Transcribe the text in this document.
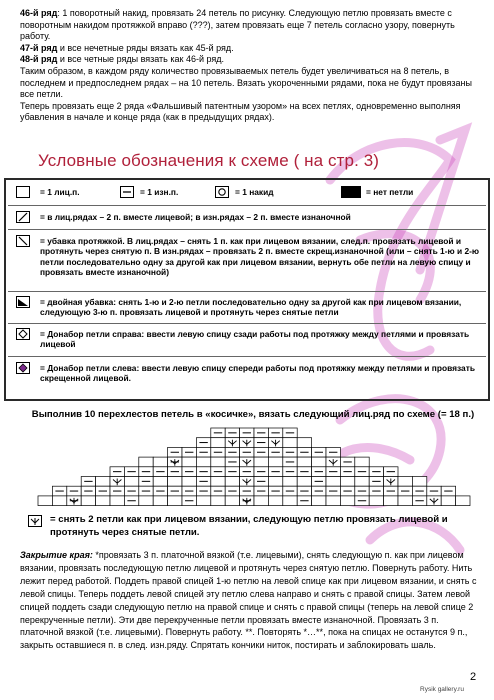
46-й ряд: 1 поворотный накид, провязать 24 петель по рисунку. Следующую петлю провязать вместе с поворотным накидом протяжкой вправо (???), затем провязать еще 7 петель согласно узору, повернуть работу.

47-й ряд и все нечетные ряды вязать как 45-й ряд.

48-й ряд и все четные ряды вязать как 46-й ряд.

Таким образом, в каждом ряду количество провязываемых петель будет увеличиваться на 8 петель, в последнем и предпоследнем рядах – на 10 петель. Вязать укороченными рядами, пока не будут провязаны все петли.

Теперь провязать еще 2 ряда «Фальшивый патентным узором» на всех петлях, одновременно выполняя убавления в начале и конце ряда (как в предыдущих рядах).

Условные обозначения к схеме ( на стр. 3)
= 1 лиц.п.	= 1 изн.п.	= 1 накид	= нет петли
= в лиц.рядах – 2 п. вместе лицевой; в изн.рядах – 2 п. вместе изнаночной
= убавка протяжкой. В лиц.рядах – снять 1 п. как при лицевом вязании, след.п. провязать лицевой и протянуть через снятую п. В изн.рядах – провязать 2 п. вместе скрещ.изнаночной (или – снять 1-ю и 2-ю петли последовательно одну за другой как при лицевом вязании, вернуть обе петли на левую спицу и провязать вместе изнаночной)
= двойная убавка: снять 1-ю и 2-ю петли последовательно одну за другой как при лицевом вязании, следующую 3-ю п. провязать лицевой и протянуть через снятые петли
= Донабор петли справа: ввести левую спицу сзади работы под протяжку между петлями и провязать лицевой
= Донабор петли слева: ввести левую спицу спереди работы под протяжку между петлями и провязать скрещенной лицевой.
Выполнив 10 перехлестов петель в «косичке», вязать следующий лиц.ряд по схеме (= 18 п.)
= снять 2 петли как при лицевом вязании, следующую петлю провязать лицевой и протянуть через снятые петли.
Закрытие края: *провязать 3 п. платочной вязкой (т.е. лицевыми), снять следующую п. как при лицевом вязании, провязать последующую петлю лицевой и протянуть через снятую петлю. Повернуть работу. Нить лежит перед работой. Поддеть правой спицей 1-ю петлю на левой спице как при лицевом вязании, и снять с левой спицы. Теперь поддеть левой спицей эту петлю слева направо и снять с правой спицы. Затем левой спицей поддеть сзади следующую петлю на правой спице и снять с правой спицы (теперь на левой спице 2 перекрученные петли). Эти две перекрученные петли провязать вместе изнаночной. Провязать 3 п. платочной вязкой (т.е. лицевыми). Повернуть работу. **. Повторять *…**, пока на спицах не останутся 9 п., закрыть оставшиеся п. в след. изн.ряду. Спрятать кончики ниток, постирать и заблокировать шаль.
2
Rysik gallery.ru
